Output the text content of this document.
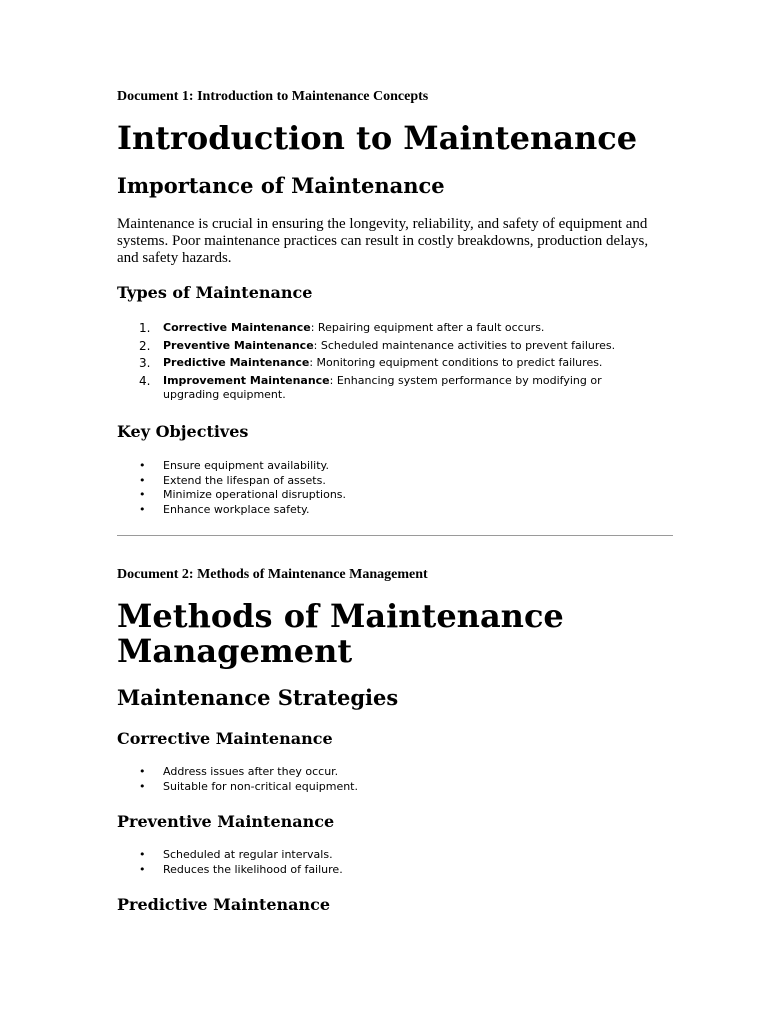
Document 1: Introduction to Maintenance Concepts
Introduction to Maintenance
Importance of Maintenance

Maintenance is crucial in ensuring the longevity, reliability, and safety of equipment and systems. Poor maintenance practices can result in costly breakdowns, production delays, and safety hazards.

Types of Maintenance
1. Corrective Maintenance: Repairing equipment after a fault occurs.
2. Preventive Maintenance: Scheduled maintenance activities to prevent failures.
3. Predictive Maintenance: Monitoring equipment conditions to predict failures.
4. Improvement Maintenance: Enhancing system performance by modifying or upgrading equipment.
Key Objectives
• Ensure equipment availability.
• Extend the lifespan of assets.
• Minimize operational disruptions.
• Enhance workplace safety.
Document 2: Methods of Maintenance Management
Methods of Maintenance Management
Maintenance Strategies
Corrective Maintenance
• Address issues after they occur.
• Suitable for non-critical equipment.
Preventive Maintenance
• Scheduled at regular intervals.
• Reduces the likelihood of failure.
Predictive Maintenance
